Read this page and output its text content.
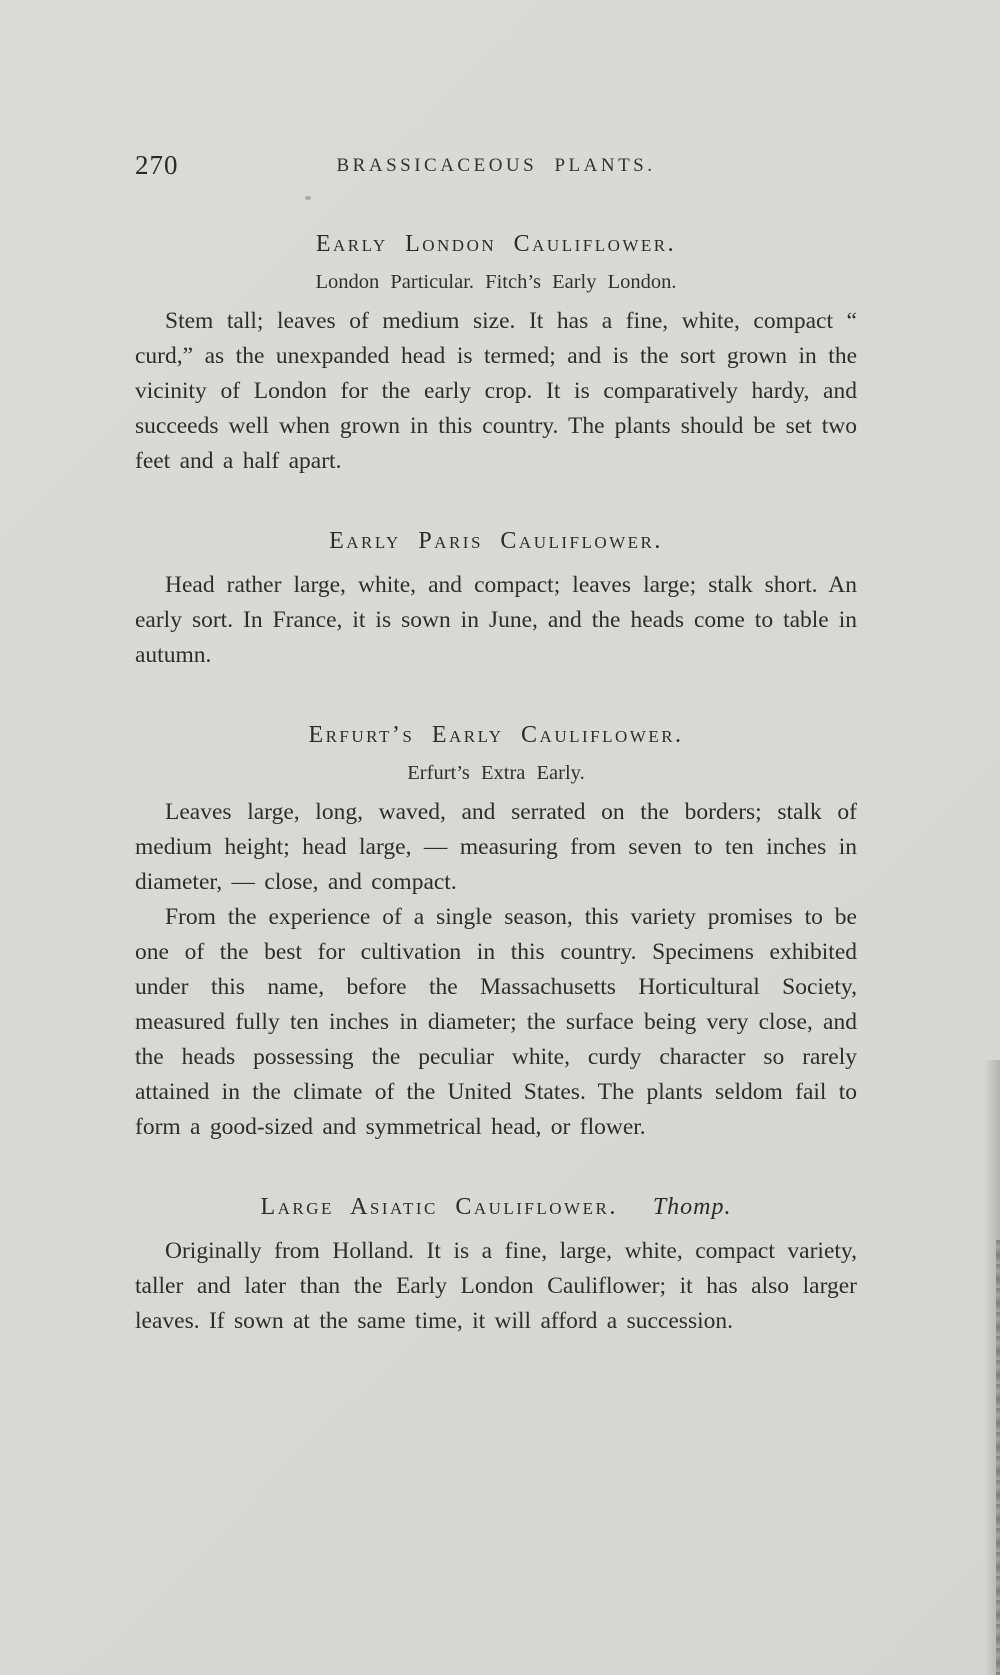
270	BRASSICACEOUS PLANTS.
Early London Cauliflower.
London Particular. Fitch’s Early London.

Stem tall; leaves of medium size. It has a fine, white, compact “ curd,” as the unexpanded head is termed; and is the sort grown in the vicinity of London for the early crop. It is comparatively hardy, and succeeds well when grown in this country. The plants should be set two feet and a half apart.

Early Paris Cauliflower.

Head rather large, white, and compact; leaves large; stalk short. An early sort. In France, it is sown in June, and the heads come to table in autumn.

Erfurt’s Early Cauliflower.
Erfurt’s Extra Early.

Leaves large, long, waved, and serrated on the borders; stalk of medium height; head large, — measuring from seven to ten inches in diameter, — close, and compact.

From the experience of a single season, this variety promises to be one of the best for cultivation in this country. Specimens exhibited under this name, before the Massachusetts Horticultural Society, measured fully ten inches in diameter; the surface being very close, and the heads possessing the peculiar white, curdy character so rarely attained in the climate of the United States. The plants seldom fail to form a good-sized and symmetrical head, or flower.

Large Asiatic Cauliflower. Thomp.

Originally from Holland. It is a fine, large, white, compact variety, taller and later than the Early London Cauliflower; it has also larger leaves. If sown at the same time, it will afford a succession.
